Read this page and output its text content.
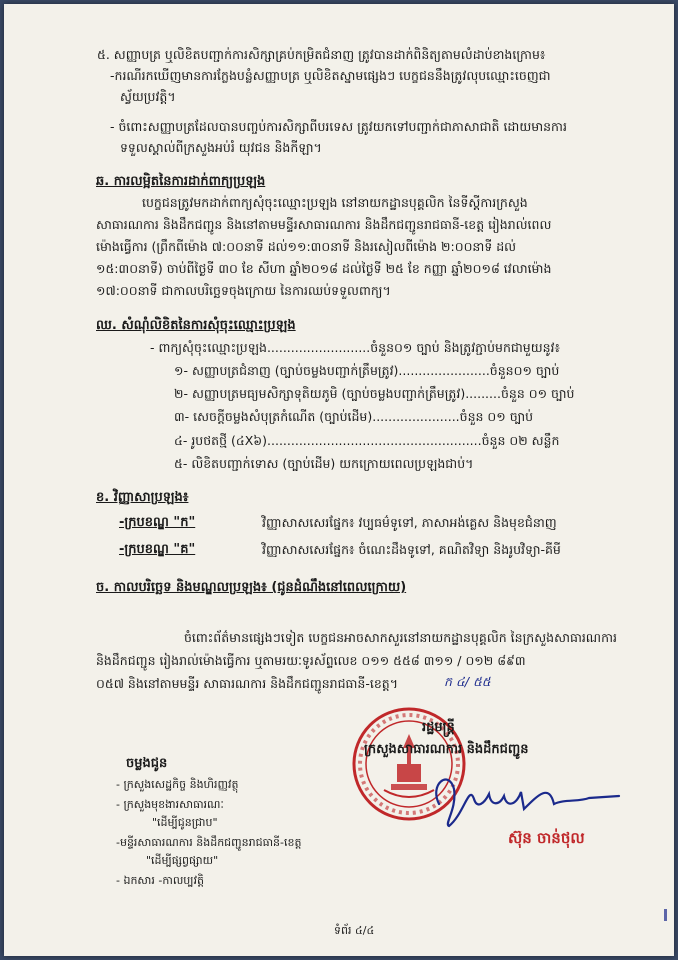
៥. សញ្ញាបត្រ ឬលិខិតបញ្ជាក់ការសិក្សាគ្រប់កម្រិតជំនាញ ត្រូវបានដាក់ពិនិត្យតាមលំដាប់ខាងក្រោម៖
-ករណីរកឃើញមានការក្លែងបន្លំសញ្ញាបត្រ ឬលិខិតស្នាមផ្សេងៗ បេក្ខជននឹងត្រូវលុបឈ្មោះចេញជា
ស្វ័យប្រវត្តិ។
- ចំពោះសញ្ញាបត្រដែលបានបញ្ចប់ការសិក្សាពីបរទេស ត្រូវយកទៅបញ្ជាក់ជាភាសាជាតិ ដោយមានការ
ទទួលស្គាល់ពីក្រសួងអប់រំ យុវជន និងកីឡា។
ឆ. ការលម្អិតនៃការដាក់ពាក្យប្រឡង
បេក្ខជនត្រូវមកដាក់ពាក្យសុំចុះឈ្មោះប្រឡង នៅនាយកដ្ឋានបុគ្គលិក នៃទីស្តីការក្រសួង
សាធារណការ និងដឹកជញ្ជូន និងនៅតាមមន្ទីរសាធារណការ និងដឹកជញ្ជូនរាជធានី-ខេត្ត រៀងរាល់ពេល
ម៉ោងធ្វើការ (ព្រឹកពីម៉ោង ៧:០០នាទី ដល់១១:៣០នាទី និងរសៀលពីម៉ោង ២:០០នាទី ដល់
១៥:៣០នាទី) ចាប់ពីថ្ងៃទី ៣០ ខែ សីហា ឆ្នាំ២០១៨ ដល់ថ្ងៃទី ២៥ ខែ កញ្ញា ឆ្នាំ២០១៨ វេលាម៉ោង
១៧:០០នាទី ជាកាលបរិច្ឆេទចុងក្រោយ នៃការឈប់ទទួលពាក្យ។
ឈ. សំណុំលិខិតនៃការសុំចុះឈ្មោះប្រឡង
- ពាក្យសុំចុះឈ្មោះប្រឡង..........................ចំនួន០១ ច្បាប់ និងត្រូវភ្ជាប់មកជាមួយនូវ៖
១- សញ្ញាបត្រជំនាញ (ច្បាប់ចម្លងបញ្ជាក់ត្រឹមត្រូវ).......................ចំនួន០១ ច្បាប់
២- សញ្ញាបត្រមធ្យមសិក្សាទុតិយភូមិ (ច្បាប់ចម្លងបញ្ជាក់ត្រឹមត្រូវ).........ចំនួន ០១ ច្បាប់
៣- សេចក្តីចម្លងសំបុត្រកំណើត (ច្បាប់ដើម)......................ចំនួន ០១ ច្បាប់
៤- រូបថតថ្មី (៤X៦)......................................................ចំនួន ០២ សន្លឹក
៥- លិខិតបញ្ជាក់ទោស (ច្បាប់ដើម) យកក្រោយពេលប្រឡងជាប់។
ខ. វិញ្ញាសាប្រឡង៖
-ក្របខណ្ឌ "ក"	វិញ្ញាសាសសេរផ្នែក៖ វប្បធម៌ទូទៅ, ភាសាអង់គ្លេស និងមុខជំនាញ
-ក្របខណ្ឌ "គ"	វិញ្ញាសាសសេរផ្នែក៖ ចំណេះដឹងទូទៅ, គណិតវិទ្យា និងរូបវិទ្យា-គីមី
ច. កាលបរិច្ឆេទ និងមណ្ឌលប្រឡង៖ (ជូនដំណឹងនៅពេលក្រោយ)
ចំពោះព័ត៌មានផ្សេងៗទៀត បេក្ខជនអាចសាកសួរនៅនាយកដ្ឋានបុគ្គលិក នៃក្រសួងសាធារណការ
និងដឹកជញ្ជូន រៀងរាល់ម៉ោងធ្វើការ ឬតាមរយៈទូរស័ព្ទលេខ ០១១ ៥៥៨ ៣១១ / ០១២ ៨៩៣
០៥៧ និងនៅតាមមន្ទីរ សាធារណការ និងដឹកជញ្ជូនរាជធានី-ខេត្ត។	ក ៤/ ៥៥
រដ្ឋមន្ត្រី
ក្រសួងសាធារណការ និងដឹកជញ្ជូន
ស៊ុន ចាន់ថុល
ចម្លងជូន
- ក្រសួងសេដ្ឋកិច្ច និងហិរញ្ញវត្ថុ
- ក្រសួងមុខងារសាធារណៈ
"ដើម្បីជូនជ្រាប"
-មន្ទីរសាធារណការ និងដឹកជញ្ជូនរាជធានី-ខេត្ត
"ដើម្បីផ្សព្វផ្សាយ"
- ឯកសារ -កាលប្បវត្តិ
ទំព័រ ៤/៤
